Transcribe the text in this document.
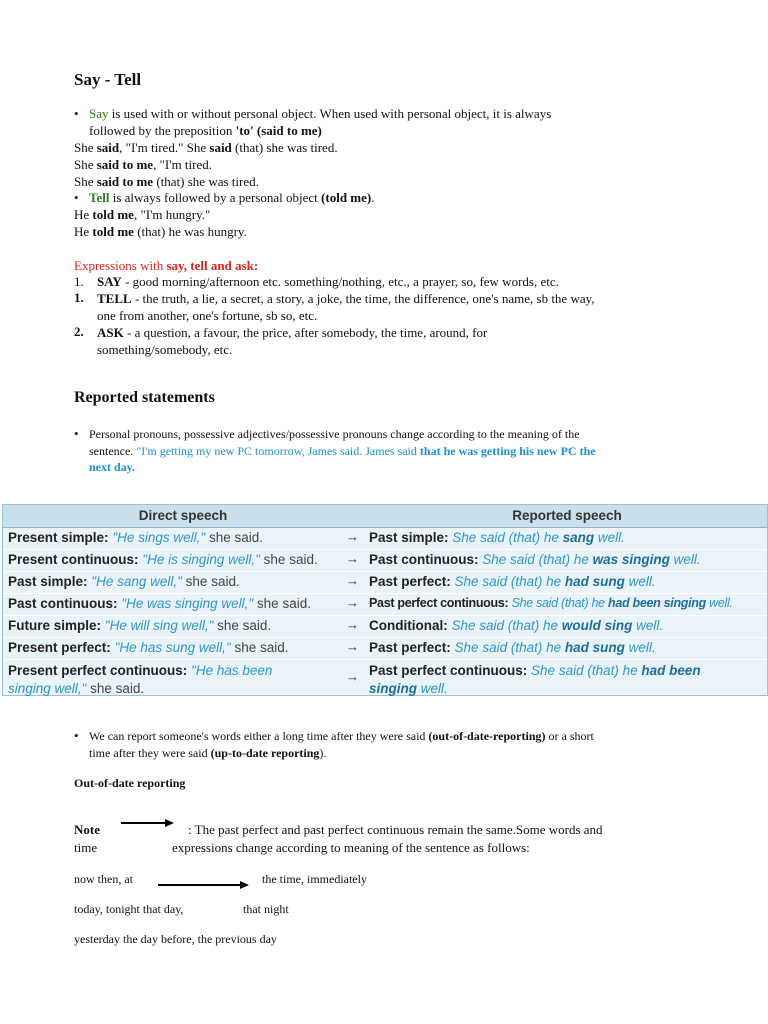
Say - Tell
• Say is used with or without personal object. When used with personal object, it is always
followed by the preposition 'to' (said to me)
She said, "I'm tired." She said (that) she was tired.
She said to me, "I'm tired.
She said to me (that) she was tired.
• Tell is always followed by a personal object (told me).
He told me, "I'm hungry."
He told me (that) he was hungry.
Expressions with say, tell and ask:
1. SAY - good morning/afternoon etc. something/nothing, etc., a prayer, so, few words, etc.
1. TELL - the truth, a lie, a secret, a story, a joke, the time, the difference, one's name, sb the way,
one from another, one's fortune, sb so, etc.
2. ASK - a question, a favour, the price, after somebody, the time, around, for
something/somebody, etc.
Reported statements
• Personal pronouns, possessive adjectives/possessive pronouns change according to the meaning of the
sentence. "I'm getting my new PC tomorrow, James said. James said that he was getting his new PC the
next day.
Direct speech	Reported speech
Present simple: "He sings well," she said.	→ Past simple: She said (that) he sang well.
Present continuous: "He is singing well," she said. → Past continuous: She said (that) he was singing well.
Past simple: "He sang well," she said.	→ Past perfect: She said (that) he had sung well.
Past continuous: "He was singing well," she said.	→ Past perfect continuous: She said (that) he had been singing well.
Future simple: "He will sing well," she said.	→ Conditional: She said (that) he would sing well.
Present perfect: "He has sung well," she said.	→ Past perfect: She said (that) he had sung well.
Present perfect continuous: "He has been
singing well," she said.
→ Past perfect continuous: She said (that) he had been
singing well.
• We can report someone's words either a long time after they were said (out-of-date-reporting) or a short
time after they were said (up-to-date reporting).
Out-of-date reporting
Note	: The past perfect and past perfect continuous remain the same.Some words and
time	expressions change according to meaning of the sentence as follows:
now then, at	the time, immediately
today, tonight that day,	that night
yesterday the day before, the previous day
